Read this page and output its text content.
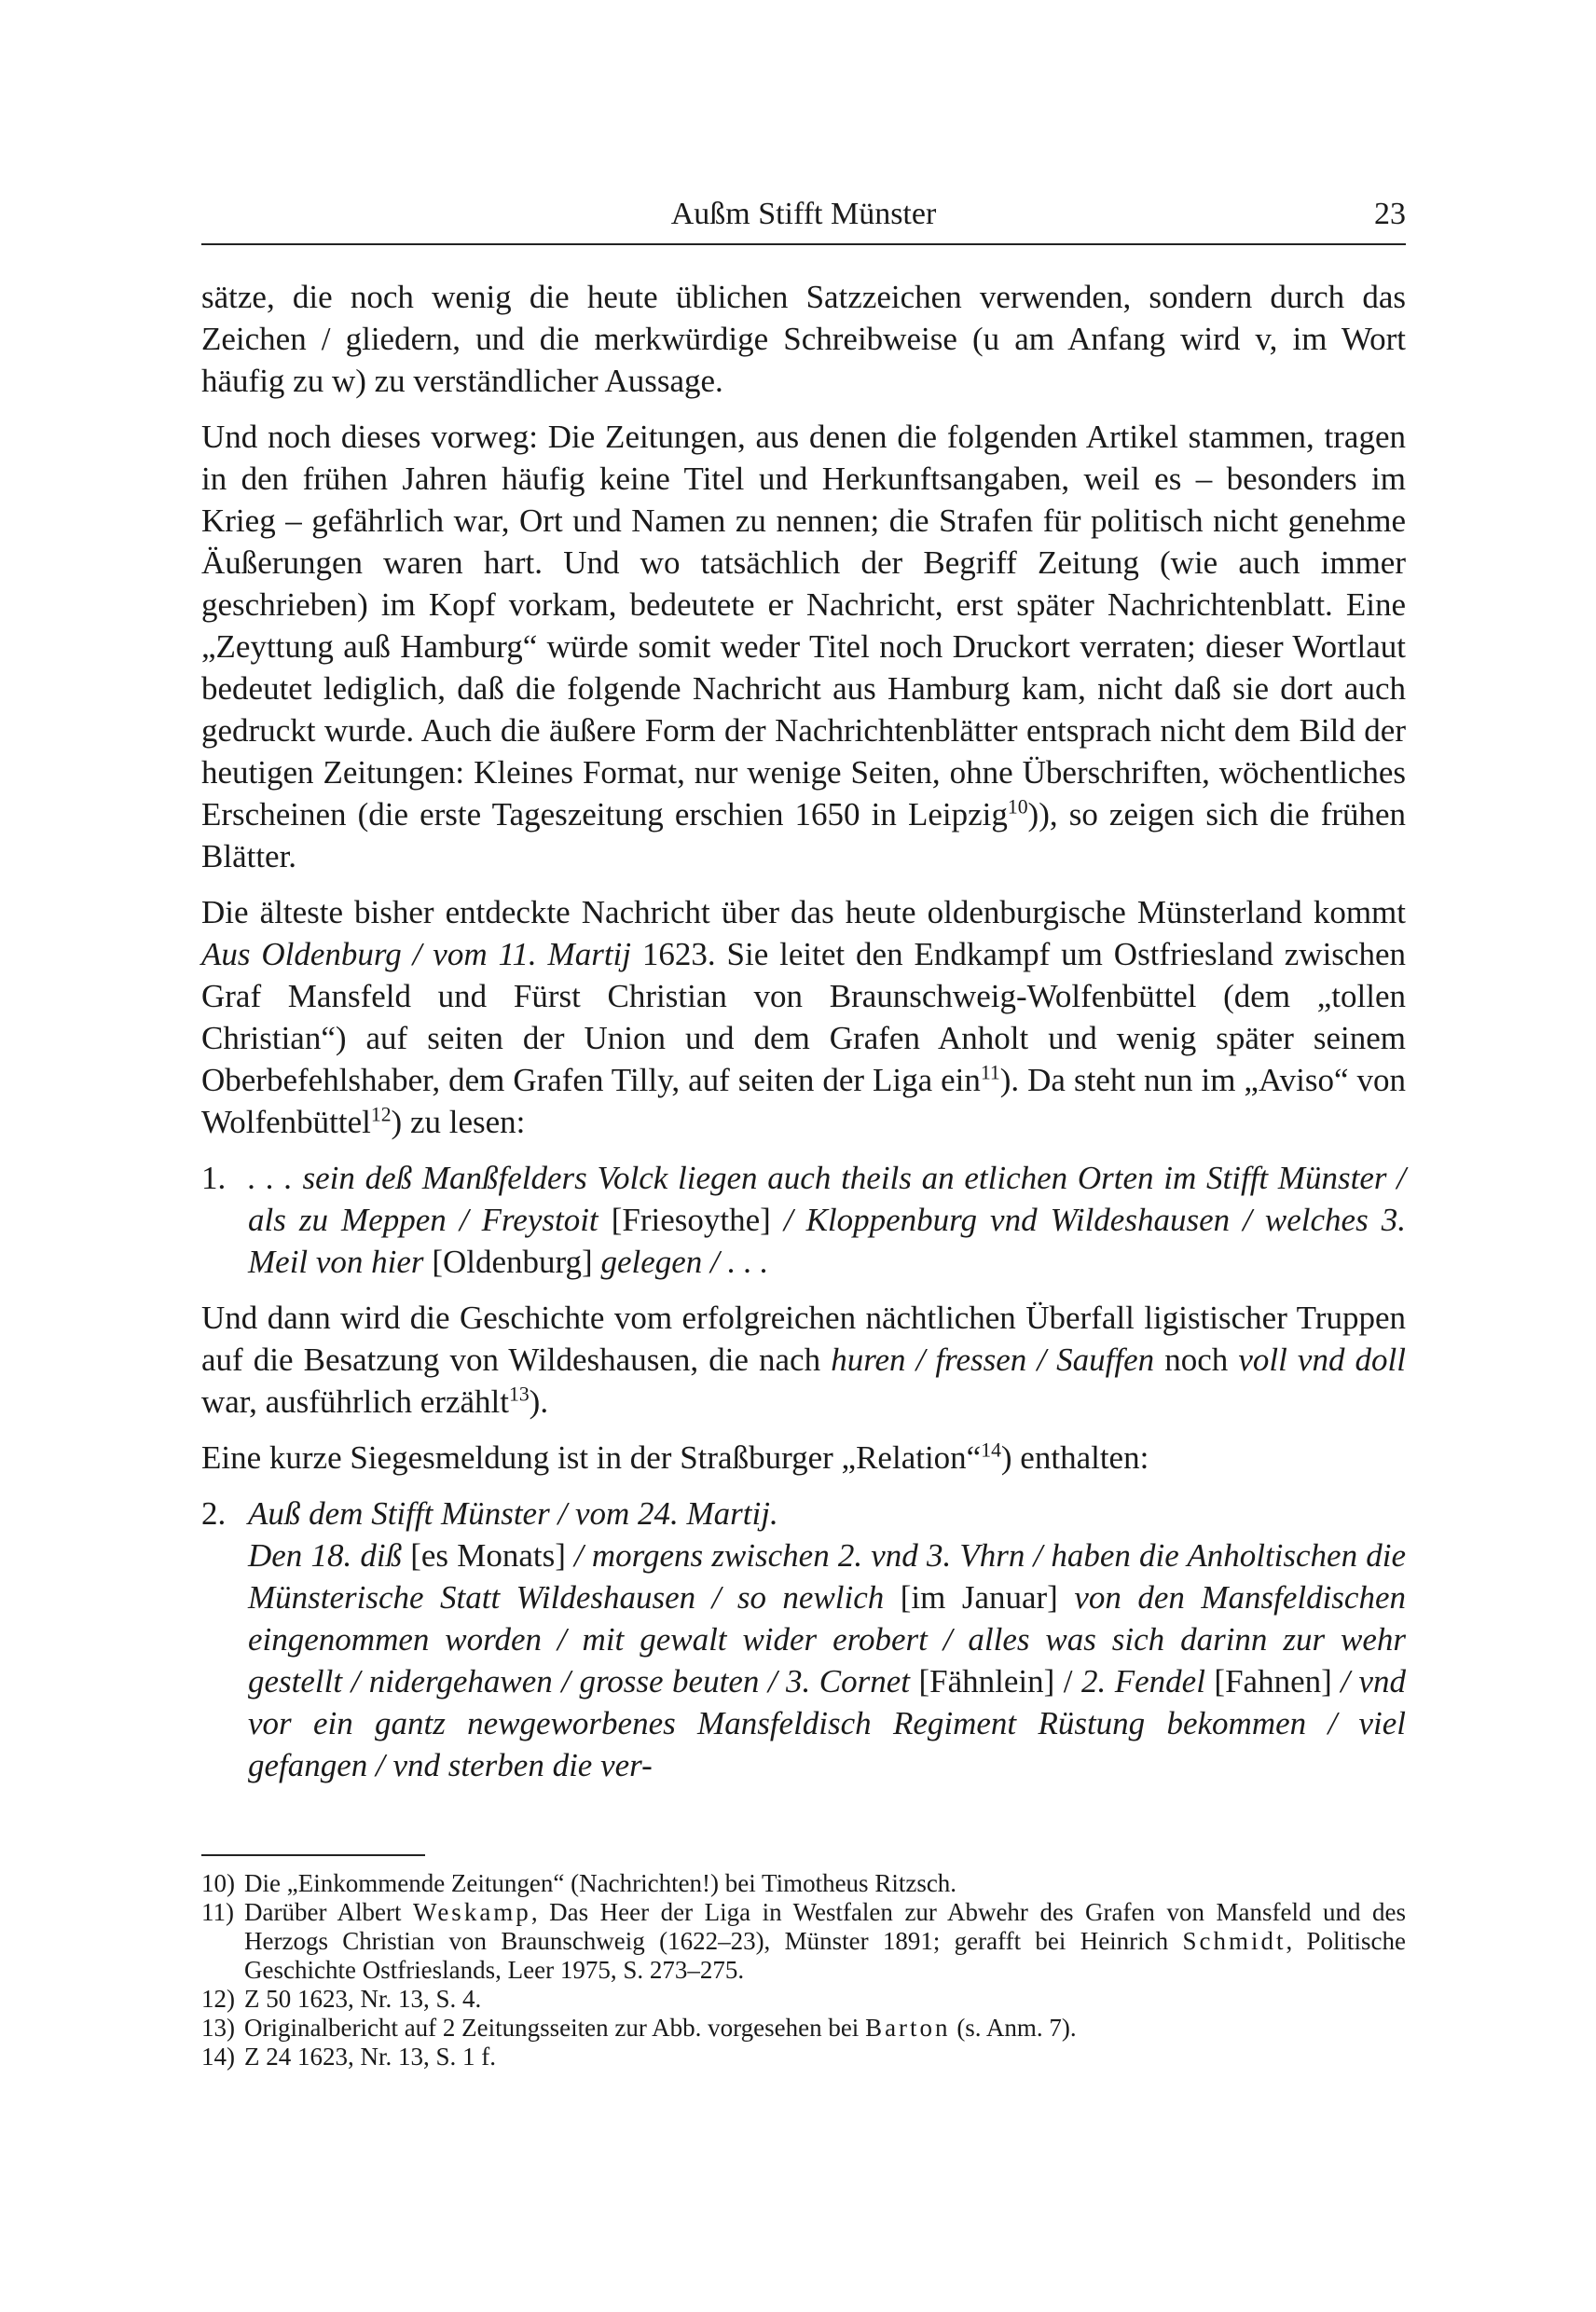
Außm Stifft Münster	23

sätze, die noch wenig die heute üblichen Satzzeichen verwenden, sondern durch das Zeichen / gliedern, und die merkwürdige Schreibweise (u am Anfang wird v, im Wort häufig zu w) zu verständlicher Aussage.

Und noch dieses vorweg: Die Zeitungen, aus denen die folgenden Artikel stammen, tragen in den frühen Jahren häufig keine Titel und Herkunftsangaben, weil es – besonders im Krieg – gefährlich war, Ort und Namen zu nennen; die Strafen für politisch nicht genehme Äußerungen waren hart. Und wo tatsächlich der Begriff Zeitung (wie auch immer geschrieben) im Kopf vorkam, bedeutete er Nachricht, erst später Nachrichtenblatt. Eine „Zeyttung auß Hamburg“ würde somit weder Titel noch Druckort verraten; dieser Wortlaut bedeutet lediglich, daß die folgende Nachricht aus Hamburg kam, nicht daß sie dort auch gedruckt wurde. Auch die äußere Form der Nachrichtenblätter entsprach nicht dem Bild der heutigen Zeitungen: Kleines Format, nur wenige Seiten, ohne Überschriften, wöchentliches Erscheinen (die erste Tageszeitung erschien 1650 in Leipzig$^{10}$)), so zeigen sich die frühen Blätter.

Die älteste bisher entdeckte Nachricht über das heute oldenburgische Münsterland kommt Aus Oldenburg / vom 11. Martij 1623. Sie leitet den Endkampf um Ostfriesland zwischen Graf Mansfeld und Fürst Christian von Braunschweig-Wolfenbüttel (dem „tollen Christian“) auf seiten der Union und dem Grafen Anholt und wenig später seinem Oberbefehlshaber, dem Grafen Tilly, auf seiten der Liga ein$^{11}$). Da steht nun im „Aviso“ von Wolfenbüttel$^{12}$) zu lesen:

1. . . . sein deß Manßfelders Volck liegen auch theils an etlichen Orten im Stifft Münster / als zu Meppen / Freystoit [Friesoythe] / Kloppenburg vnd Wildeshausen / welches 3. Meil von hier [Oldenburg] gelegen / . . .

Und dann wird die Geschichte vom erfolgreichen nächtlichen Überfall ligistischer Truppen auf die Besatzung von Wildeshausen, die nach huren / fressen / Sauffen noch voll vnd doll war, ausführlich erzählt$^{13}$).

Eine kurze Siegesmeldung ist in der Straßburger „Relation“$^{14}$) enthalten:

2. Auß dem Stifft Münster / vom 24. Martij.
Den 18. diß [es Monats] / morgens zwischen 2. vnd 3. Vhrn / haben die Anholtischen die Münsterische Statt Wildeshausen / so newlich [im Januar] von den Mansfeldischen eingenommen worden / mit gewalt wider erobert / alles was sich darinn zur wehr gestellt / nidergehawen / grosse beuten / 3. Cornet [Fähnlein] / 2. Fendel [Fahnen] / vnd vor ein gantz newgeworbenes Mansfeldisch Regiment Rüstung bekommen / viel gefangen / vnd sterben die ver-
10) Die „Einkommende Zeitungen“ (Nachrichten!) bei Timotheus Ritzsch.
11) Darüber Albert Weskamp, Das Heer der Liga in Westfalen zur Abwehr des Grafen von Mansfeld und des Herzogs Christian von Braunschweig (1622–23), Münster 1891; gerafft bei Heinrich Schmidt, Politische Geschichte Ostfrieslands, Leer 1975, S. 273–275.
12) Z 50 1623, Nr. 13, S. 4.
13) Originalbericht auf 2 Zeitungsseiten zur Abb. vorgesehen bei Barton (s. Anm. 7).
14) Z 24 1623, Nr. 13, S. 1 f.
